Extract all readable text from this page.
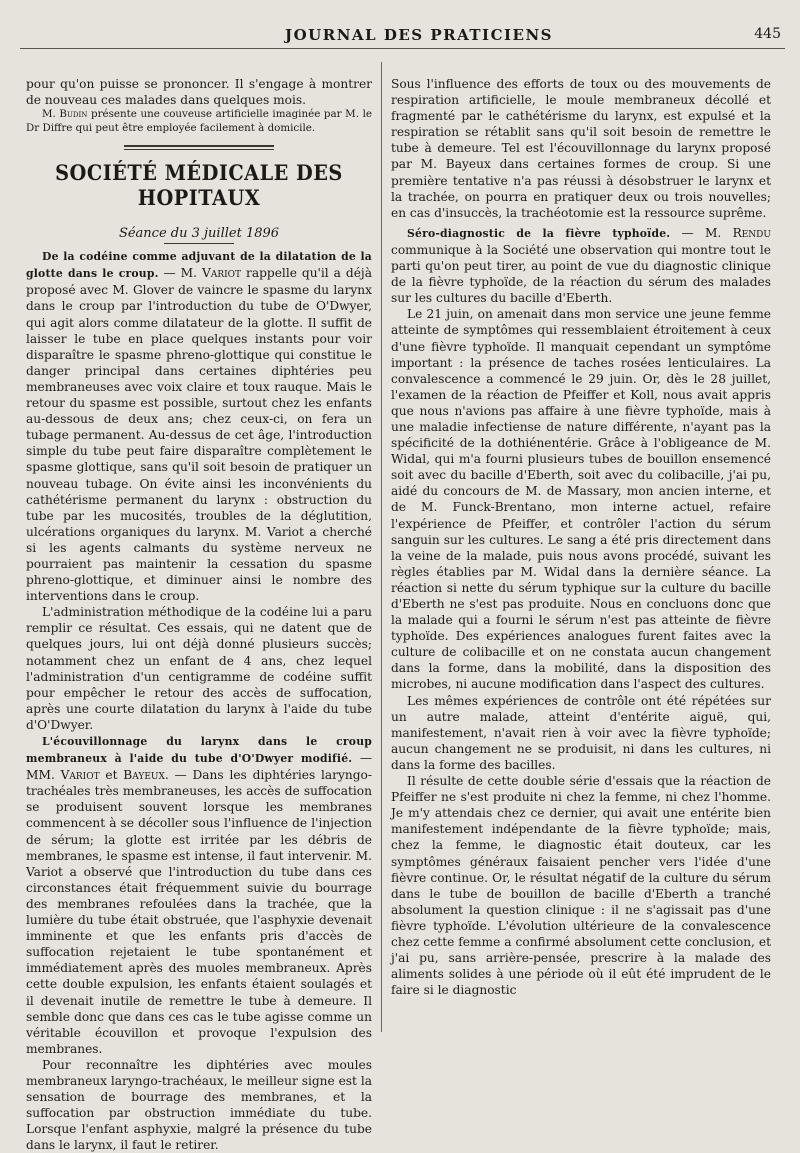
JOURNAL DES PRATICIENS	445

pour qu'on puisse se prononcer. Il s'engage à montrer de nouveau ces malades dans quelques mois.

M. Budin présente une couveuse artificielle imaginée par M. le Dr Diffre qui peut être employée facilement à domicile.

SOCIÉTÉ MÉDICALE DES HOPITAUX
Séance du 3 juillet 1896

De la codéine comme adjuvant de la dilatation de la glotte dans le croup. — M. Variot rappelle qu'il a déjà proposé avec M. Glover de vaincre le spasme du larynx dans le croup par l'introduction du tube de O'Dwyer, qui agit alors comme dilatateur de la glotte. Il suffit de laisser le tube en place quelques instants pour voir disparaître le spasme phreno-glottique qui constitue le danger principal dans certaines diphtéries peu membraneuses avec voix claire et toux rauque. Mais le retour du spasme est possible, surtout chez les enfants au-dessous de deux ans; chez ceux-ci, on fera un tubage permanent. Au-dessus de cet âge, l'introduction simple du tube peut faire disparaître complètement le spasme glottique, sans qu'il soit besoin de pratiquer un nouveau tubage. On évite ainsi les inconvénients du cathétérisme permanent du larynx : obstruction du tube par les mucosités, troubles de la déglutition, ulcérations organiques du larynx. M. Variot a cherché si les agents calmants du système nerveux ne pourraient pas maintenir la cessation du spasme phreno-glottique, et diminuer ainsi le nombre des interventions dans le croup.

L'administration méthodique de la codéine lui a paru remplir ce résultat. Ces essais, qui ne datent que de quelques jours, lui ont déjà donné plusieurs succès; notamment chez un enfant de 4 ans, chez lequel l'administration d'un centigramme de codéine suffit pour empêcher le retour des accès de suffocation, après une courte dilatation du larynx à l'aide du tube d'O'Dwyer.

L'écouvillonnage du larynx dans le croup membraneux à l'aide du tube d'O'Dwyer modifié. — MM. Variot et Bayeux. — Dans les diphtéries laryngo-trachéales très membraneuses, les accès de suffocation se produisent souvent lorsque les membranes commencent à se décoller sous l'influence de l'injection de sérum; la glotte est irritée par les débris de membranes, le spasme est intense, il faut intervenir. M. Variot a observé que l'introduction du tube dans ces circonstances était fréquemment suivie du bourrage des membranes refoulées dans la trachée, que la lumière du tube était obstruée, que l'asphyxie devenait imminente et que les enfants pris d'accès de suffocation rejetaient le tube spontanément et immédiatement après des muoles membraneux. Après cette double expulsion, les enfants étaient soulagés et il devenait inutile de remettre le tube à demeure. Il semble donc que dans ces cas le tube agisse comme un véritable écouvillon et provoque l'expulsion des membranes.

Pour reconnaître les diphtéries avec moules membraneux laryngo-trachéaux, le meilleur signe est la sensation de bourrage des membranes, et la suffocation par obstruction immédiate du tube. Lorsque l'enfant asphyxie, malgré la présence du tube dans le larynx, il faut le retirer.

Sous l'influence des efforts de toux ou des mouvements de respiration artificielle, le moule membraneux décollé et fragmenté par le cathétérisme du larynx, est expulsé et la respiration se rétablit sans qu'il soit besoin de remettre le tube à demeure. Tel est l'écouvillonnage du larynx proposé par M. Bayeux dans certaines formes de croup. Si une première tentative n'a pas réussi à désobstruer le larynx et la trachée, on pourra en pratiquer deux ou trois nouvelles; en cas d'insuccès, la trachéotomie est la ressource suprême.

Séro-diagnostic de la fièvre typhoïde. — M. Rendu communique à la Société une observation qui montre tout le parti qu'on peut tirer, au point de vue du diagnostic clinique de la fièvre typhoïde, de la réaction du sérum des malades sur les cultures du bacille d'Eberth.

Le 21 juin, on amenait dans mon service une jeune femme atteinte de symptômes qui ressemblaient étroitement à ceux d'une fièvre typhoïde. Il manquait cependant un symptôme important : la présence de taches rosées lenticulaires. La convalescence a commencé le 29 juin. Or, dès le 28 juillet, l'examen de la réaction de Pfeiffer et Koll, nous avait appris que nous n'avions pas affaire à une fièvre typhoïde, mais à une maladie infectiense de nature différente, n'ayant pas la spécificité de la dothiénentérie. Grâce à l'obligeance de M. Widal, qui m'a fourni plusieurs tubes de bouillon ensemencé soit avec du bacille d'Eberth, soit avec du colibacille, j'ai pu, aidé du concours de M. de Massary, mon ancien interne, et de M. Funck-Brentano, mon interne actuel, refaire l'expérience de Pfeiffer, et contrôler l'action du sérum sanguin sur les cultures. Le sang a été pris directement dans la veine de la malade, puis nous avons procédé, suivant les règles établies par M. Widal dans la dernière séance. La réaction si nette du sérum typhique sur la culture du bacille d'Eberth ne s'est pas produite. Nous en concluons donc que la malade qui a fourni le sérum n'est pas atteinte de fièvre typhoïde. Des expériences analogues furent faites avec la culture de colibacille et on ne constata aucun changement dans la forme, dans la mobilité, dans la disposition des microbes, ni aucune modification dans l'aspect des cultures.

Les mêmes expériences de contrôle ont été répétées sur un autre malade, atteint d'entérite aiguë, qui, manifestement, n'avait rien à voir avec la fièvre typhoïde; aucun changement ne se produisit, ni dans les cultures, ni dans la forme des bacilles.

Il résulte de cette double série d'essais que la réaction de Pfeiffer ne s'est produite ni chez la femme, ni chez l'homme. Je m'y attendais chez ce dernier, qui avait une entérite bien manifestement indépendante de la fièvre typhoïde; mais, chez la femme, le diagnostic était douteux, car les symptômes généraux faisaient pencher vers l'idée d'une fièvre continue. Or, le résultat négatif de la culture du sérum dans le tube de bouillon de bacille d'Eberth a tranché absolument la question clinique : il ne s'agissait pas d'une fièvre typhoïde. L'évolution ultérieure de la convalescence chez cette femme a confirmé absolument cette conclusion, et j'ai pu, sans arrière-pensée, prescrire à la malade des aliments solides à une période où il eût été imprudent de le faire si le diagnostic
